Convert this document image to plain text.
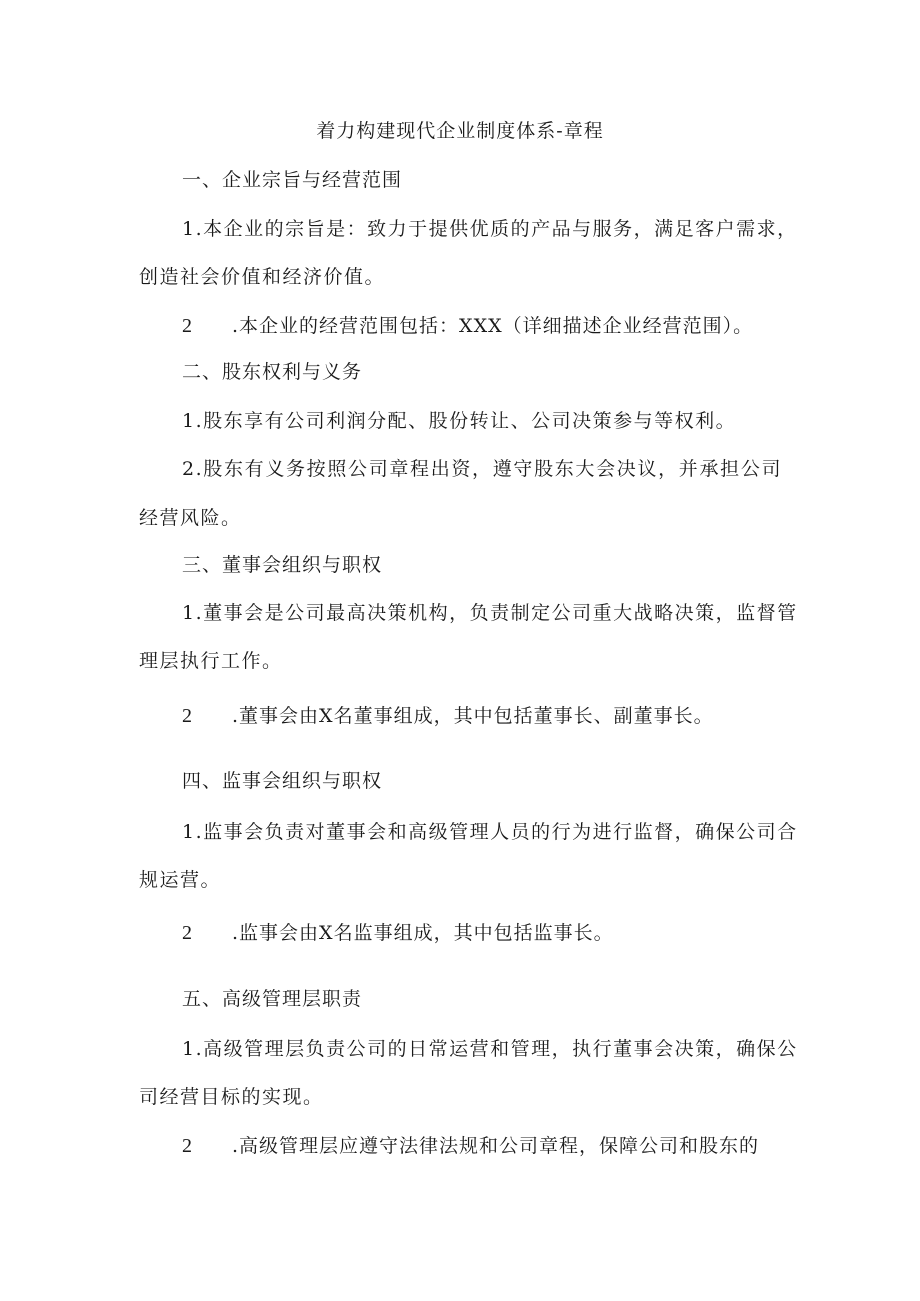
着力构建现代企业制度体系-章程
一、企业宗旨与经营范围
1.本企业的宗旨是：致力于提供优质的产品与服务，满足客户需求，
创造社会价值和经济价值。
2 .本企业的经营范围包括：XXX（详细描述企业经营范围）。
二、股东权利与义务
1.股东享有公司利润分配、股份转让、公司决策参与等权利。
2.股东有义务按照公司章程出资，遵守股东大会决议，并承担公司
经营风险。
三、董事会组织与职权
1.董事会是公司最高决策机构，负责制定公司重大战略决策，监督管
理层执行工作。
2 .董事会由X名董事组成，其中包括董事长、副董事长。
四、监事会组织与职权
1.监事会负责对董事会和高级管理人员的行为进行监督，确保公司合
规运营。
2 .监事会由X名监事组成，其中包括监事长。
五、高级管理层职责
1.高级管理层负责公司的日常运营和管理，执行董事会决策，确保公
司经营目标的实现。
2 .高级管理层应遵守法律法规和公司章程，保障公司和股东的
